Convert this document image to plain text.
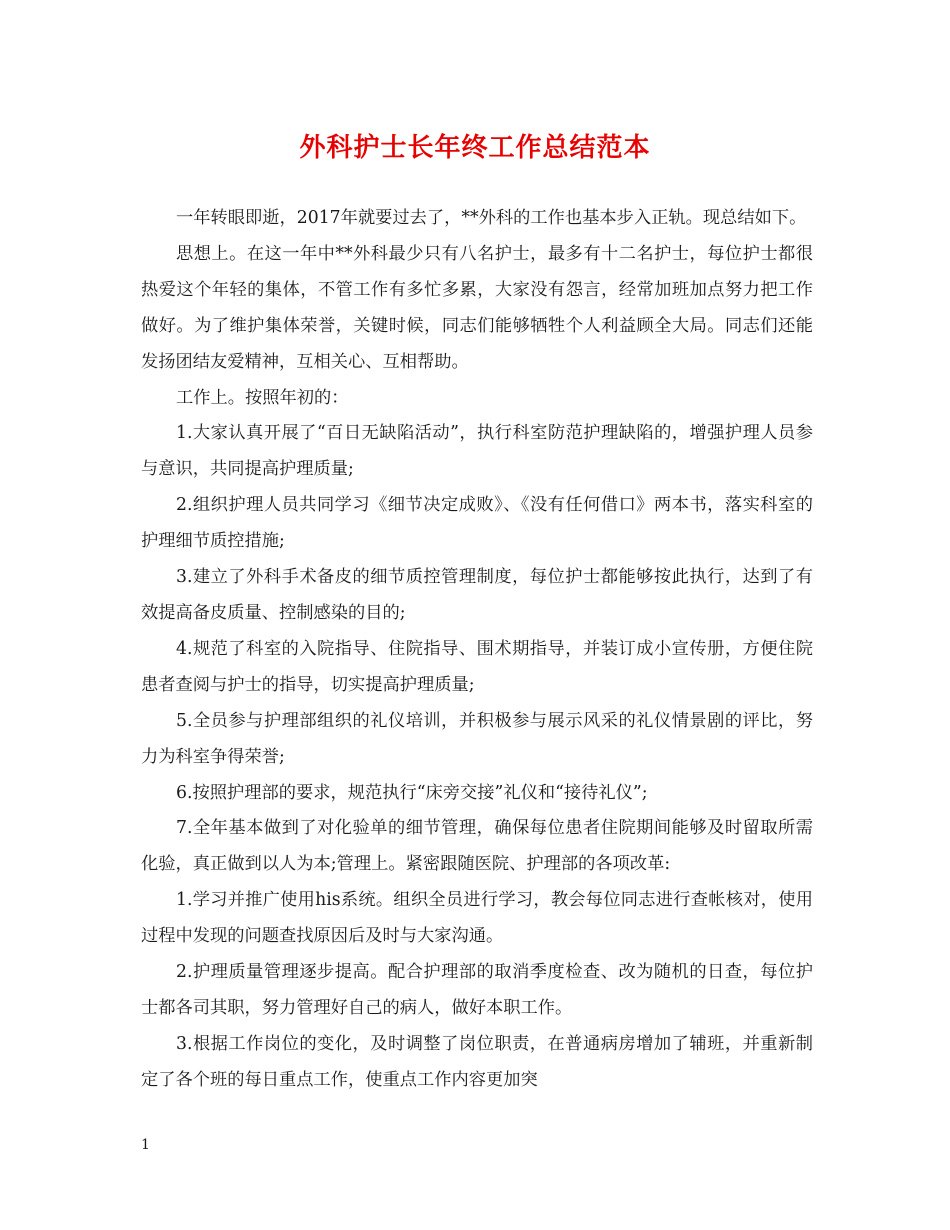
外科护士长年终工作总结范本

一年转眼即逝，2017年就要过去了，**外科的工作也基本步入正轨。现总结如下。

思想上。在这一年中**外科最少只有八名护士，最多有十二名护士，每位护士都很热爱这个年轻的集体，不管工作有多忙多累，大家没有怨言，经常加班加点努力把工作做好。为了维护集体荣誉，关键时候，同志们能够牺牲个人利益顾全大局。同志们还能发扬团结友爱精神，互相关心、互相帮助。

工作上。按照年初的：

1.大家认真开展了“百日无缺陷活动”，执行科室防范护理缺陷的，增强护理人员参与意识，共同提高护理质量;

2.组织护理人员共同学习《细节决定成败》、《没有任何借口》两本书，落实科室的护理细节质控措施;

3.建立了外科手术备皮的细节质控管理制度，每位护士都能够按此执行，达到了有效提高备皮质量、控制感染的目的;

4.规范了科室的入院指导、住院指导、围术期指导，并装订成小宣传册，方便住院患者查阅与护士的指导，切实提高护理质量;

5.全员参与护理部组织的礼仪培训，并积极参与展示风采的礼仪情景剧的评比，努力为科室争得荣誉;

6.按照护理部的要求，规范执行“床旁交接”礼仪和“接待礼仪”;

7.全年基本做到了对化验单的细节管理，确保每位患者住院期间能够及时留取所需化验，真正做到以人为本;管理上。紧密跟随医院、护理部的各项改革:

1.学习并推广使用his系统。组织全员进行学习，教会每位同志进行查帐核对，使用过程中发现的问题查找原因后及时与大家沟通。

2.护理质量管理逐步提高。配合护理部的取消季度检查、改为随机的日查，每位护士都各司其职，努力管理好自己的病人，做好本职工作。

3.根据工作岗位的变化，及时调整了岗位职责，在普通病房增加了辅班，并重新制定了各个班的每日重点工作，使重点工作内容更加突

1
